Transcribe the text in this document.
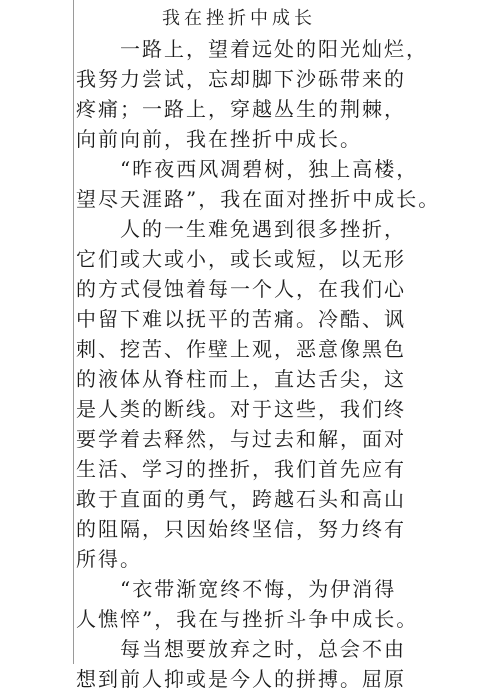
我在挫折中成长
一路上，望着远处的阳光灿烂，
我努力尝试，忘却脚下沙砾带来的
疼痛；一路上，穿越丛生的荆棘，
向前向前，我在挫折中成长。
“昨夜西风凋碧树，独上高楼，
望尽天涯路”，我在面对挫折中成长。
人的一生难免遇到很多挫折，
它们或大或小，或长或短，以无形
的方式侵蚀着每一个人，在我们心
中留下难以抚平的苦痛。冷酷、讽
刺、挖苦、作壁上观，恶意像黑色
的液体从脊柱而上，直达舌尖，这
是人类的断线。对于这些，我们终
要学着去释然，与过去和解，面对
生活、学习的挫折，我们首先应有
敢于直面的勇气，跨越石头和高山
的阻隔，只因始终坚信，努力终有
所得。
“衣带渐宽终不悔，为伊消得
人憔悴”，我在与挫折斗争中成长。
每当想要放弃之时，总会不由
想到前人抑或是今人的拼搏。屈原
